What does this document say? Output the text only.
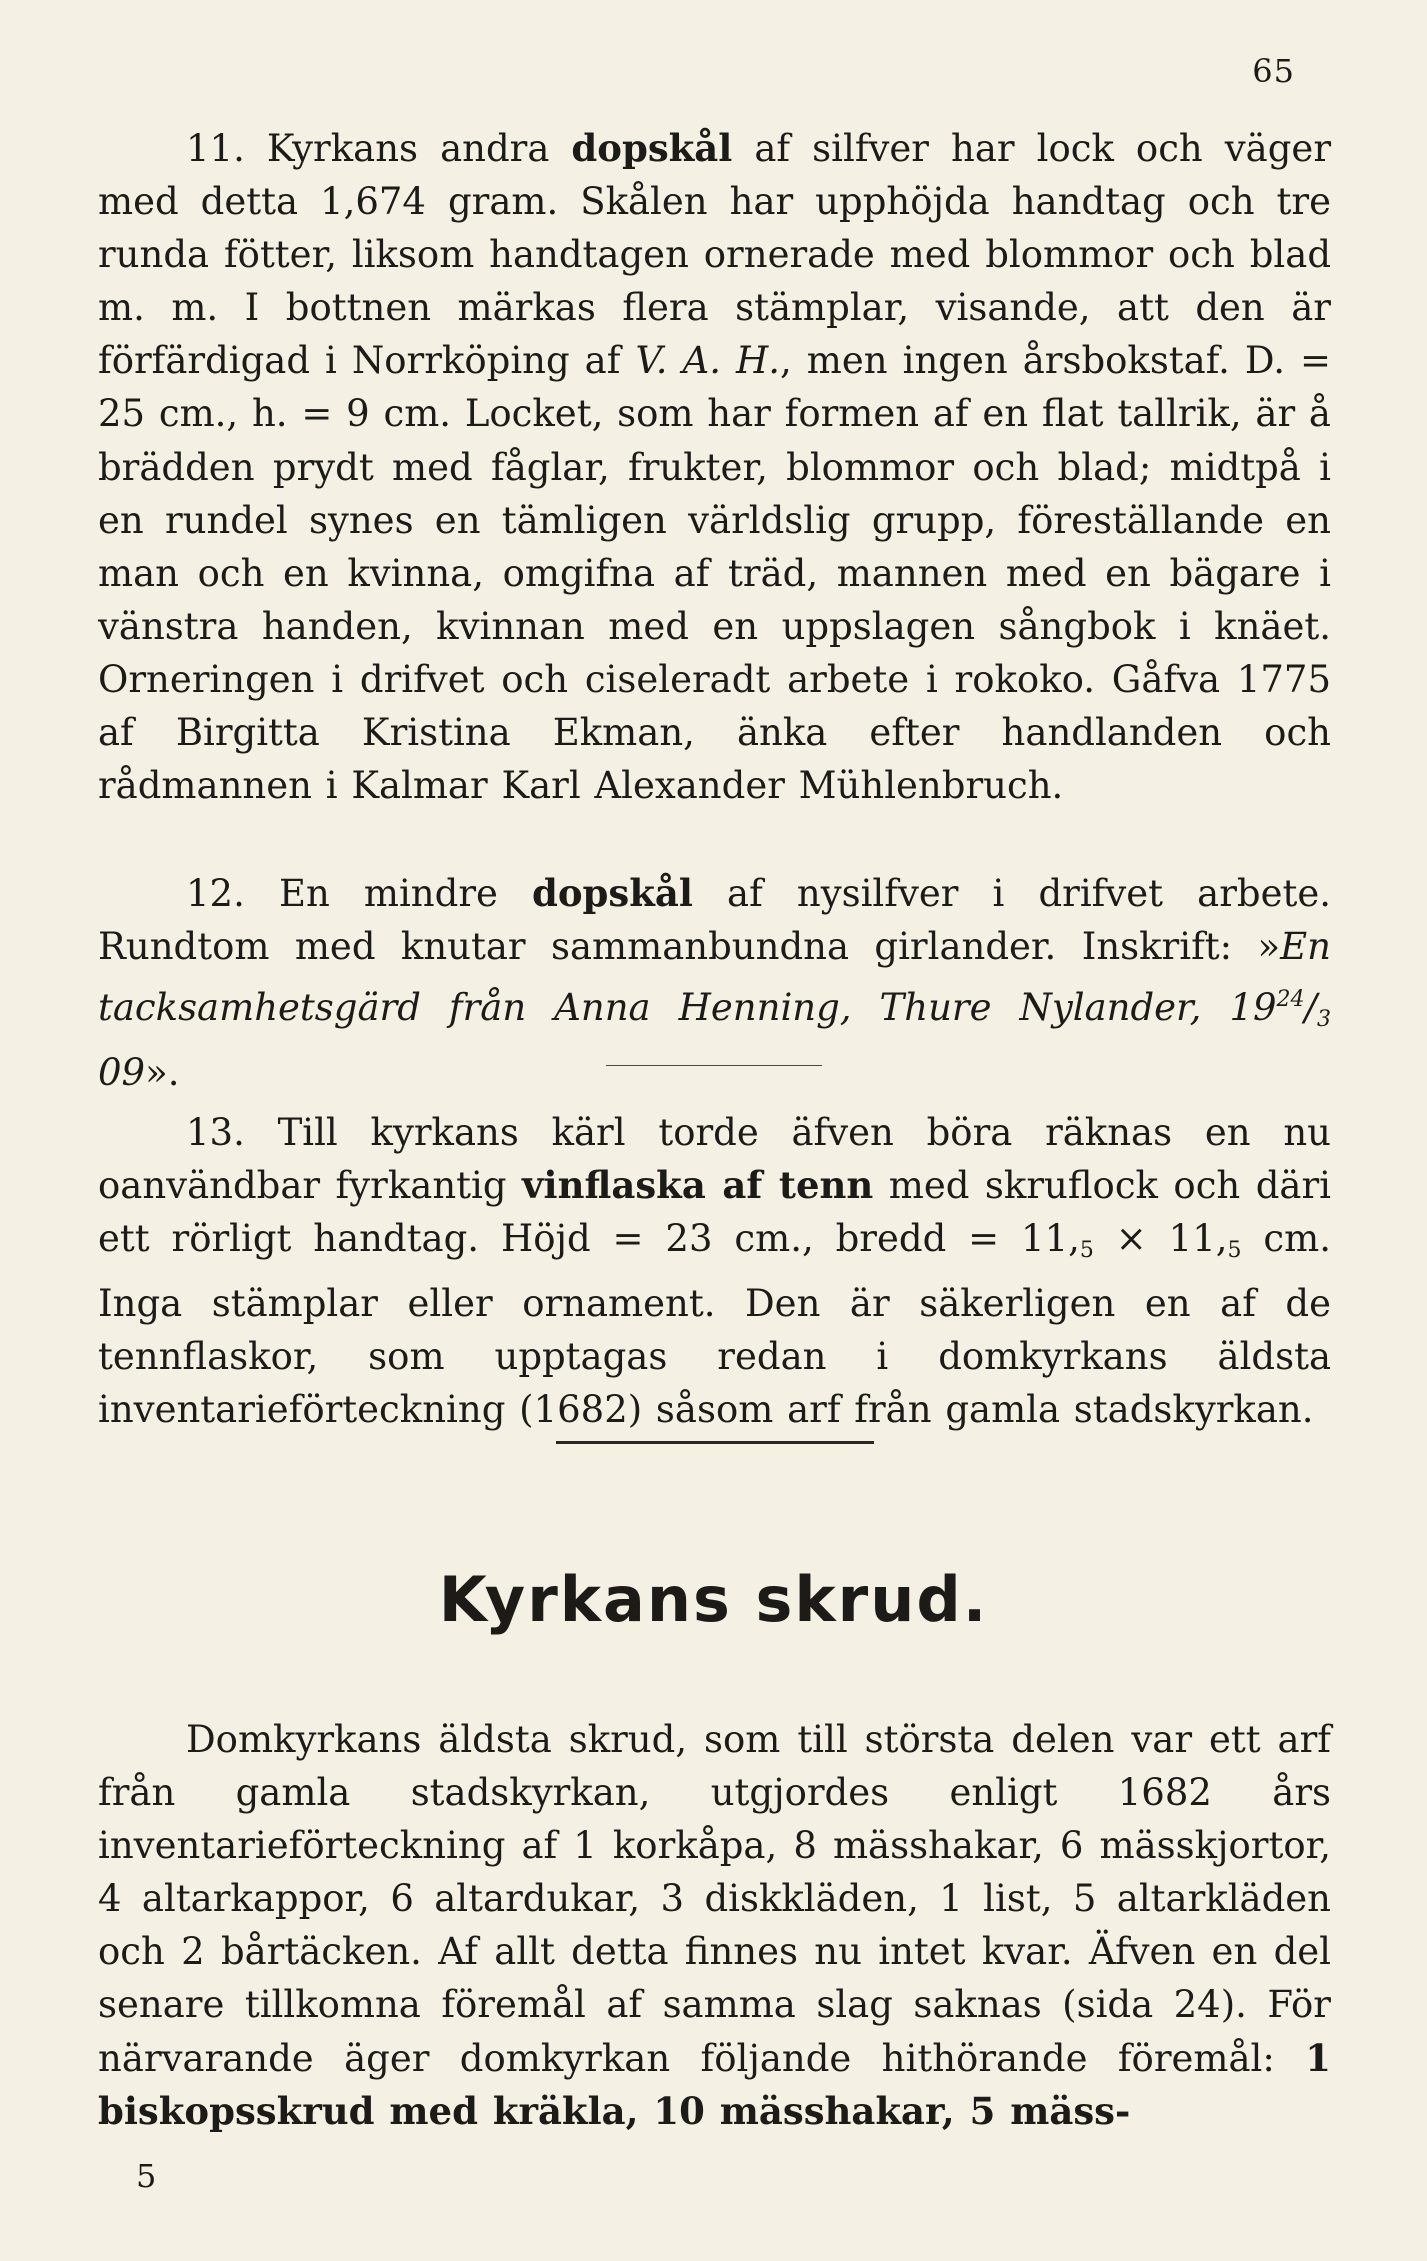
65

11. Kyrkans andra dopskål af silfver har lock och väger med detta 1,674 gram. Skålen har upphöjda handtag och tre runda fötter, liksom handtagen ornerade med blommor och blad m. m. I bottnen märkas flera stämplar, visande, att den är förfärdigad i Norrköping af V. A. H., men ingen årsbokstaf. D. = 25 cm., h. = 9 cm. Locket, som har formen af en flat tallrik, är å brädden prydt med fåglar, frukter, blommor och blad; midtpå i en rundel synes en tämligen världslig grupp, föreställande en man och en kvinna, omgifna af träd, mannen med en bägare i vänstra handen, kvinnan med en uppslagen sångbok i knäet. Orneringen i drifvet och ciseleradt arbete i rokoko. Gåfva 1775 af Birgitta Kristina Ekman, änka efter handlanden och rådmannen i Kalmar Karl Alexander Mühlenbruch.

12. En mindre dopskål af nysilfver i drifvet arbete. Rundtom med knutar sammanbundna girlander. Inskrift: »En tacksamhetsgärd från Anna Henning, Thure Nylander, $19^{24}/_3$ 09».

13. Till kyrkans kärl torde äfven böra räknas en nu oanvändbar fyrkantig vinflaska af tenn med skruflock och däri ett rörligt handtag. Höjd = 23 cm., bredd = $11,_5 \times 11,_5$ cm. Inga stämplar eller ornament. Den är säkerligen en af de tennflaskor, som upptagas redan i domkyrkans äldsta inventarieförteckning (1682) såsom arf från gamla stadskyrkan.

Kyrkans skrud.

Domkyrkans äldsta skrud, som till största delen var ett arf från gamla stadskyrkan, utgjordes enligt 1682 års inventarieförteckning af 1 korkåpa, 8 mässhakar, 6 mässkjortor, 4 altarkappor, 6 altardukar, 3 diskkläden, 1 list, 5 altarkläden och 2 bårtäcken. Af allt detta finnes nu intet kvar. Äfven en del senare tillkomna föremål af samma slag saknas (sida 24). För närvarande äger domkyrkan följande hithörande föremål: 1 biskopsskrud med kräkla, 10 mässhakar, 5 mäss-

5
